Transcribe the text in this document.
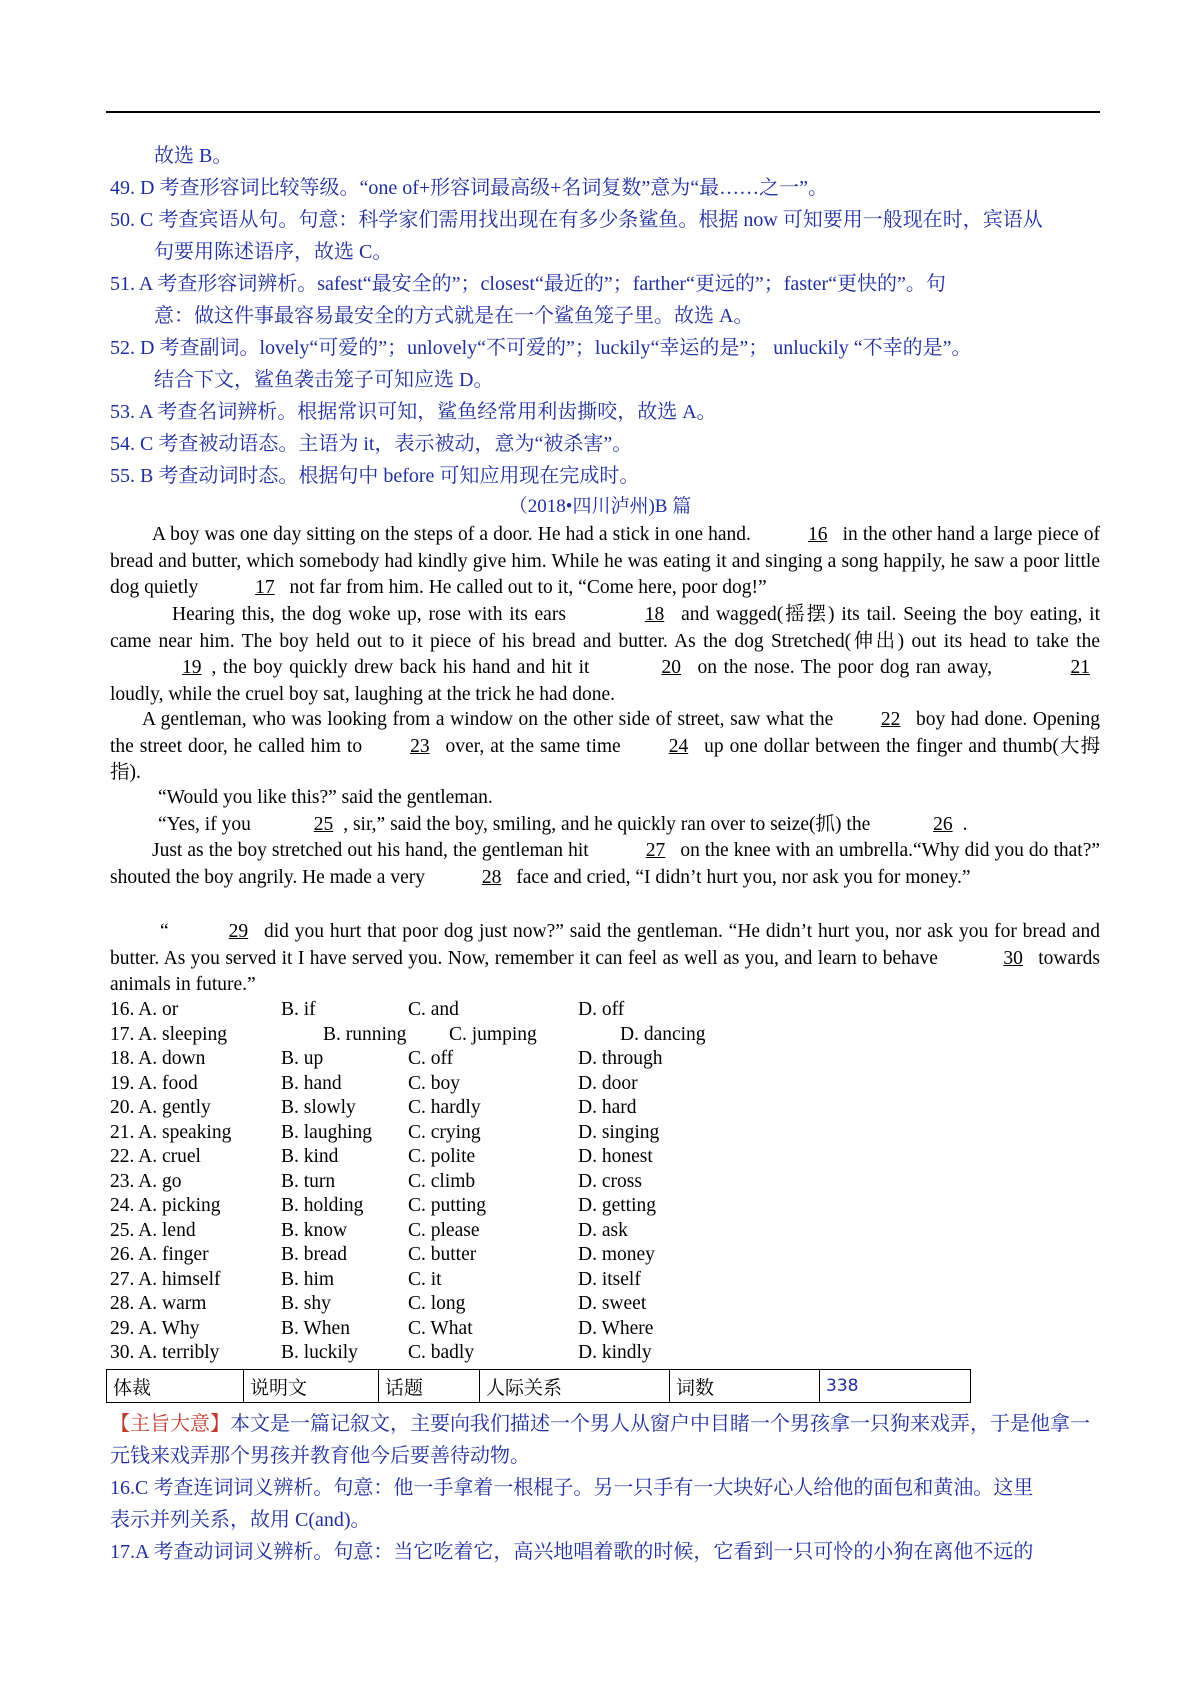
故选 B。
49. D 考查形容词比较等级。“one of+形容词最高级+名词复数”意为“最……之一”。
50. C 考查宾语从句。句意：科学家们需用找出现在有多少条鲨鱼。根据 now 可知要用一般现在时，宾语从
句要用陈述语序，故选 C。
51. A 考查形容词辨析。safest“最安全的”；closest“最近的”；farther“更远的”；faster“更快的”。句
意：做这件事最容易最安全的方式就是在一个鲨鱼笼子里。故选 A。
52. D 考查副词。lovely“可爱的”；unlovely“不可爱的”；luckily“幸运的是”； unluckily “不幸的是”。
结合下文，鲨鱼袭击笼子可知应选 D。
53. A 考查名词辨析。根据常识可知，鲨鱼经常用利齿撕咬，故选 A。
54. C 考查被动语态。主语为 it，表示被动，意为“被杀害”。
55. B 考查动词时态。根据句中 before 可知应用现在完成时。
（2018•四川泸州)B 篇
A boy was one day sitting on the steps of a door. He had a stick in one hand.	16 in the other hand a large piece of bread and butter, which somebody had kindly give him. While he was eating it and singing a song happily, he saw a poor little dog quietly	17 not far from him. He called out to it, “Come here, poor dog!”
Hearing this, the dog woke up, rose with its ears	18 and wagged(摇摆) its tail. Seeing the boy eating, it came near him. The boy held out to it piece of his bread and butter. As the dog Stretched(伸出) out its head to take the 19 , the boy quickly drew back his hand and hit it	20 on the nose. The poor dog ran away,	21 loudly, while the cruel boy sat, laughing at the trick he had done.
A gentleman, who was looking from a window on the other side of street, saw what the 22 boy had done. Opening the street door, he called him to 23 over, at the same time 24 up one dollar between the finger and thumb(大拇指).
“Would you like this?” said the gentleman.
“Yes, if you	25 , sir,” said the boy, smiling, and he quickly ran over to seize(抓) the	26 .
Just as the boy stretched out his hand, the gentleman hit	27 on the knee with an umbrella.“Why did you do that?” shouted the boy angrily. He made a very	28 face and cried, “I didn’t hurt you, nor ask you for money.”
“	29 did you hurt that poor dog just now?” said the gentleman. “He didn’t hurt you, nor ask you for bread and butter. As you served it I have served you. Now, remember it can feel as well as you, and learn to behave	30 towards animals in future.”
16. A. or	B. if	C. and	D. off
17. A. sleeping	B. running C. jumping	D. dancing
18. A. down	B. up	C. off	D. through
19. A. food	B. hand	C. boy	D. door
20. A. gently	B. slowly	C. hardly	D. hard
21. A. speaking	B. laughing C. crying	D. singing
22. A. cruel	B. kind	C. polite	D. honest
23. A. go	B. turn	C. climb	D. cross
24. A. picking	B. holding C. putting	D. getting
25. A. lend	B. know	C. please	D. ask
26. A. finger	B. bread	C. butter	D. money
27. A. himself	B. him	C. it	D. itself
28. A. warm	B. shy	C. long	D. sweet
29. A. Why	B. When	C. What	D. Where
30. A. terribly	B. luckily	C. badly	D. kindly
体裁	说明文	话题	人际关系	词数	338
【主旨大意】本文是一篇记叙文，主要向我们描述一个男人从窗户中目睹一个男孩拿一只狗来戏弄，于是他拿一元钱来戏弄那个男孩并教育他今后要善待动物。
16.C 考查连词词义辨析。句意：他一手拿着一根棍子。另一只手有一大块好心人给他的面包和黄油。这里
表示并列关系，故用 C(and)。
17.A 考查动词词义辨析。句意：当它吃着它，高兴地唱着歌的时候，它看到一只可怜的小狗在离他不远的
